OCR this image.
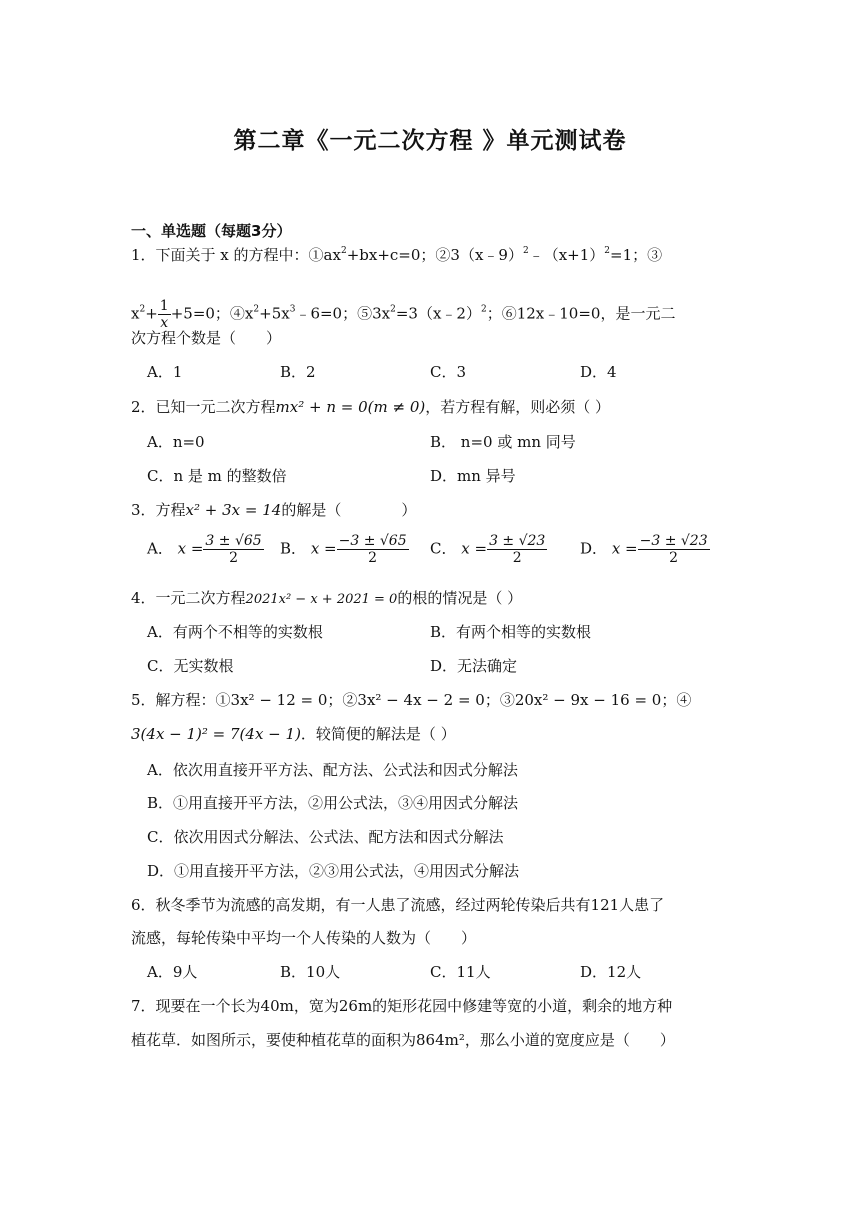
第二章《一元二次方程 》单元测试卷
一、单选题（每题3分）
1．下面关于 x 的方程中：$①ax^2+bx+c=0$；$②3(x﹣9)^2﹣(x+1)^2=1$；③
$x^2+ \frac{1}{x} +5=0$；$④x^2+5x^3﹣6=0$；$⑤3x^2=3(x﹣2)^2$；⑥12x﹣10=0，是一元二
次方程个数是（　　）
A．1	B．2	C．3	D．4
2．已知一元二次方程mx² + n = 0(m ≠ 0)，若方程有解，则必须（ ）
A．n=0	B． n=0 或 mn 同号
C．n 是 m 的整数倍	D．mn 异号
3．方程x² + 3x = 14的解是（　　　　）
A． $x = \frac{3 \pm √65}{2}$ B． $x = \frac{-3 \pm √65}{2}$ C． $x = \frac{3 \pm √23}{2}$ D． $x = \frac{-3 \pm √23}{2}$
4．一元二次方程2021x² − x + 2021 = 0的根的情况是（ ）
A．有两个不相等的实数根	B．有两个相等的实数根
C．无实数根	D．无法确定
5．解方程：①3x² − 12 = 0；②3x² − 4x − 2 = 0；③20x² − 9x − 16 = 0；④
3(4x − 1)² = 7(4x − 1)．较简便的解法是（ ）
A．依次用直接开平方法、配方法、公式法和因式分解法
B．①用直接开平方法，②用公式法，③④用因式分解法
C．依次用因式分解法、公式法、配方法和因式分解法
D．①用直接开平方法，②③用公式法，④用因式分解法
6．秋冬季节为流感的高发期，有一人患了流感，经过两轮传染后共有121人患了
流感，每轮传染中平均一个人传染的人数为（　　）
A．9人	B．10人	C．11人	D．12人
7．现要在一个长为40m，宽为26m的矩形花园中修建等宽的小道，剩余的地方种
植花草．如图所示，要使种植花草的面积为864m²，那么小道的宽度应是（　　）
